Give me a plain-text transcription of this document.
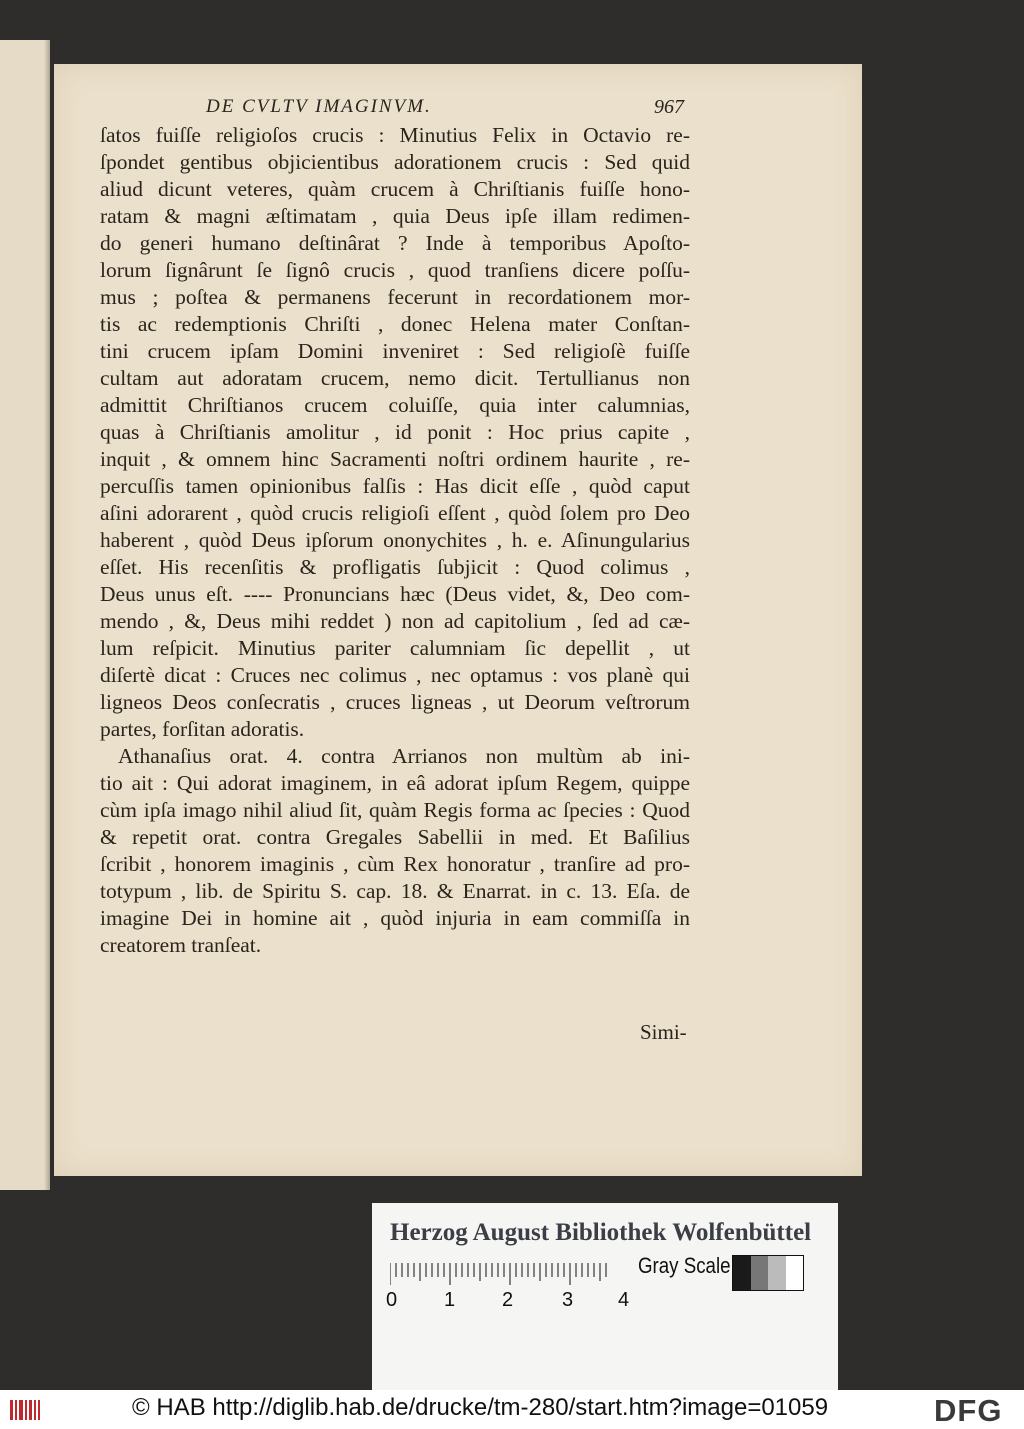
DE CVLTV IMAGINVM.	967
ſatos fuiſſe religioſos crucis : Minutius Felix in Octavio re-
ſpondet gentibus objicientibus adorationem crucis : Sed quid
aliud dicunt veteres, quàm crucem à Chriſtianis fuiſſe hono-
ratam & magni æſtimatam , quia Deus ipſe illam redimen-
do generi humano deſtinârat ? Inde à temporibus Apoſto-
lorum ſignârunt ſe ſignô crucis , quod tranſiens dicere poſſu-
mus ; poſtea & permanens fecerunt in recordationem mor-
tis ac redemptionis Chriſti , donec Helena mater Conſtan-
tini crucem ipſam Domini inveniret : Sed religioſè fuiſſe
cultam aut adoratam crucem, nemo dicit. Tertullianus non
admittit Chriſtianos crucem coluiſſe, quia inter calumnias,
quas à Chriſtianis amolitur , id ponit : Hoc prius capite ,
inquit , & omnem hinc Sacramenti noſtri ordinem haurite , re-
percuſſis tamen opinionibus falſis : Has dicit eſſe , quòd caput
aſini adorarent , quòd crucis religioſi eſſent , quòd ſolem pro Deo
haberent , quòd Deus ipſorum ononychites , h. e. Aſinungularius
eſſet. His recenſitis & profligatis ſubjicit : Quod colimus ,
Deus unus eſt. ---- Pronuncians hæc (Deus videt, &, Deo com-
mendo , &, Deus mihi reddet ) non ad capitolium , ſed ad cæ-
lum reſpicit. Minutius pariter calumniam ſic depellit , ut
diſertè dicat : Cruces nec colimus , nec optamus : vos planè qui
ligneos Deos conſecratis , cruces ligneas , ut Deorum veſtrorum
partes, forſitan adoratis.
Athanaſius orat. 4. contra Arrianos non multùm ab ini-
tio ait : Qui adorat imaginem, in eâ adorat ipſum Regem, quippe
cùm ipſa imago nihil aliud ſit, quàm Regis forma ac ſpecies : Quod
& repetit orat. contra Gregales Sabellii in med. Et Baſilius
ſcribit , honorem imaginis , cùm Rex honoratur , tranſire ad pro-
totypum , lib. de Spiritu S. cap. 18. & Enarrat. in c. 13. Eſa. de
imagine Dei in homine ait , quòd injuria in eam commiſſa in
creatorem tranſeat.
Simi-
Herzog August Bibliothek Wolfenbüttel
0 1 2 3 4
Gray Scale
© HAB http://diglib.hab.de/drucke/tm-280/start.htm?image=01059	DFG
